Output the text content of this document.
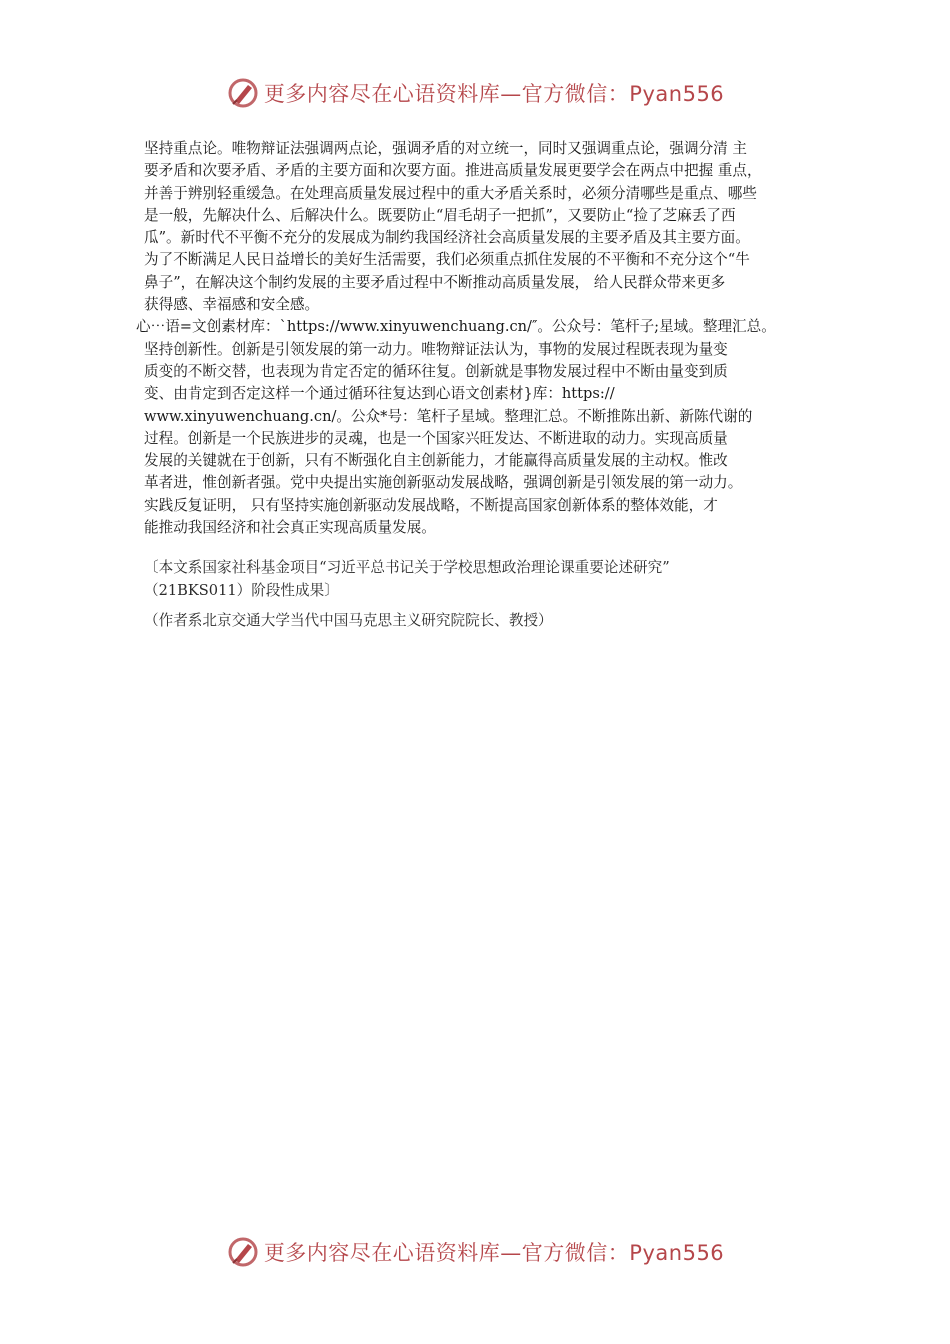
更多内容尽在心语资料库—官方微信：Pyan556
坚持重点论。唯物辩证法强调两点论，强调矛盾的对立统一，同时又强调重点论，强调分清 主
要矛盾和次要矛盾、矛盾的主要方面和次要方面。推进高质量发展更要学会在两点中把握 重点，
并善于辨别轻重缓急。在处理高质量发展过程中的重大矛盾关系时，必须分清哪些是重点、哪些
是一般，先解决什么、后解决什么。既要防止“眉毛胡子一把抓”，又要防止“捡了芝麻丢了西
瓜”。新时代不平衡不充分的发展成为制约我国经济社会高质量发展的主要矛盾及其主要方面。
为了不断满足人民日益增长的美好生活需要，我们必须重点抓住发展的不平衡和不充分这个“牛
鼻子”，在解决这个制约发展的主要矛盾过程中不断推动高质量发展， 给人民群众带来更多
获得感、幸福感和安全感。
心⋯语=文创素材库：`https://www.xinyuwenchuang.cn/″。公众号：笔杆子;星域。整理汇总。
坚持创新性。创新是引领发展的第一动力。唯物辩证法认为，事物的发展过程既表现为量变
质变的不断交替，也表现为肯定否定的循环往复。创新就是事物发展过程中不断由量变到质
变、由肯定到否定这样一个通过循环往复达到心语文创素材}库：https://
www.xinyuwenchuang.cn/。公众*号：笔杆子星域。整理汇总。不断推陈出新、新陈代谢的
过程。创新是一个民族进步的灵魂，也是一个国家兴旺发达、不断进取的动力。实现高质量
发展的关键就在于创新，只有不断强化自主创新能力，才能赢得高质量发展的主动权。惟改
革者进，惟创新者强。党中央提出实施创新驱动发展战略，强调创新是引领发展的第一动力。
实践反复证明， 只有坚持实施创新驱动发展战略，不断提高国家创新体系的整体效能，才
能推动我国经济和社会真正实现高质量发展。
〔本文系国家社科基金项目“习近平总书记关于学校思想政治理论课重要论述研究”
（21BKS011）阶段性成果〕
（作者系北京交通大学当代中国马克思主义研究院院长、教授）
更多内容尽在心语资料库—官方微信：Pyan556
